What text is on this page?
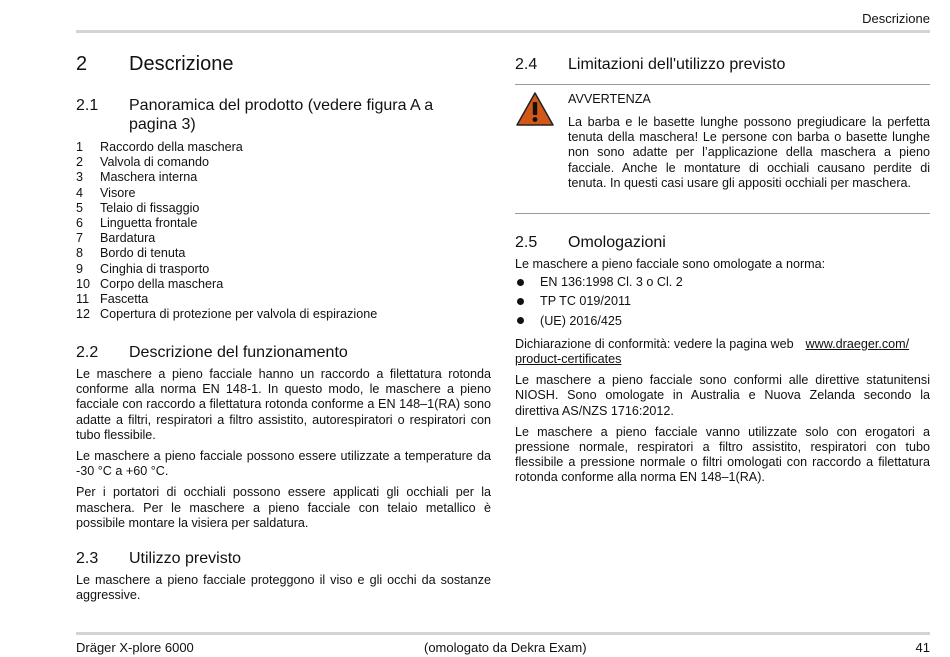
Descrizione
2 Descrizione
2.1 Panoramica del prodotto (vedere figura A a
pagina 3)
1 Raccordo della maschera
2 Valvola di comando
3 Maschera interna
4 Visore
5 Telaio di fissaggio
6 Linguetta frontale
7 Bardatura
8 Bordo di tenuta
9 Cinghia di trasporto
10 Corpo della maschera
11 Fascetta
12 Copertura di protezione per valvola di espirazione
2.2 Descrizione del funzionamento

Le maschere a pieno facciale hanno un raccordo a filettatura rotonda conforme alla norma EN 148-1. In questo modo, le maschere a pieno facciale con raccordo a filettatura rotonda conforme a EN 148–1(RA) sono adatte a filtri, respiratori a filtro assistito, autorespiratori o respiratori con tubo flessibile.

Le maschere a pieno facciale possono essere utilizzate a temperature da -30 °C a +60 °C.

Per i portatori di occhiali possono essere applicati gli occhiali per la maschera. Per le maschere a pieno facciale con telaio metallico è possibile montare la visiera per saldatura.

2.3 Utilizzo previsto

Le maschere a pieno facciale proteggono il viso e gli occhi da sostanze aggressive.

2.4 Limitazioni dell'utilizzo previsto
AVVERTENZA
La barba e le basette lunghe possono pregiudicare la perfetta tenuta della maschera! Le persone con barba o basette lunghe non sono adatte per l’applicazione della maschera a pieno facciale. Anche le montature di occhiali causano perdite di tenuta. In questi casi usare gli appositi occhiali per maschera.
2.5 Omologazioni

Le maschere a pieno facciale sono omologate a norma:

EN 136:1998 Cl. 3 o Cl. 2
TP TC 019/2011
(UE) 2016/425

Dichiarazione di conformità: vedere la pagina web www.draeger.com/
product-certificates

Le maschere a pieno facciale sono conformi alle direttive statunitensi NIOSH. Sono omologate in Australia e Nuova Zelanda secondo la direttiva AS/NZS 1716:2012.

Le maschere a pieno facciale vanno utilizzate solo con erogatori a pressione normale, respiratori a filtro assistito, respiratori con tubo flessibile a pressione normale o filtri omologati con raccordo a filettatura rotonda conforme alla norma EN 148–1(RA).

Dräger X-plore 6000	(omologato da Dekra Exam)	41
